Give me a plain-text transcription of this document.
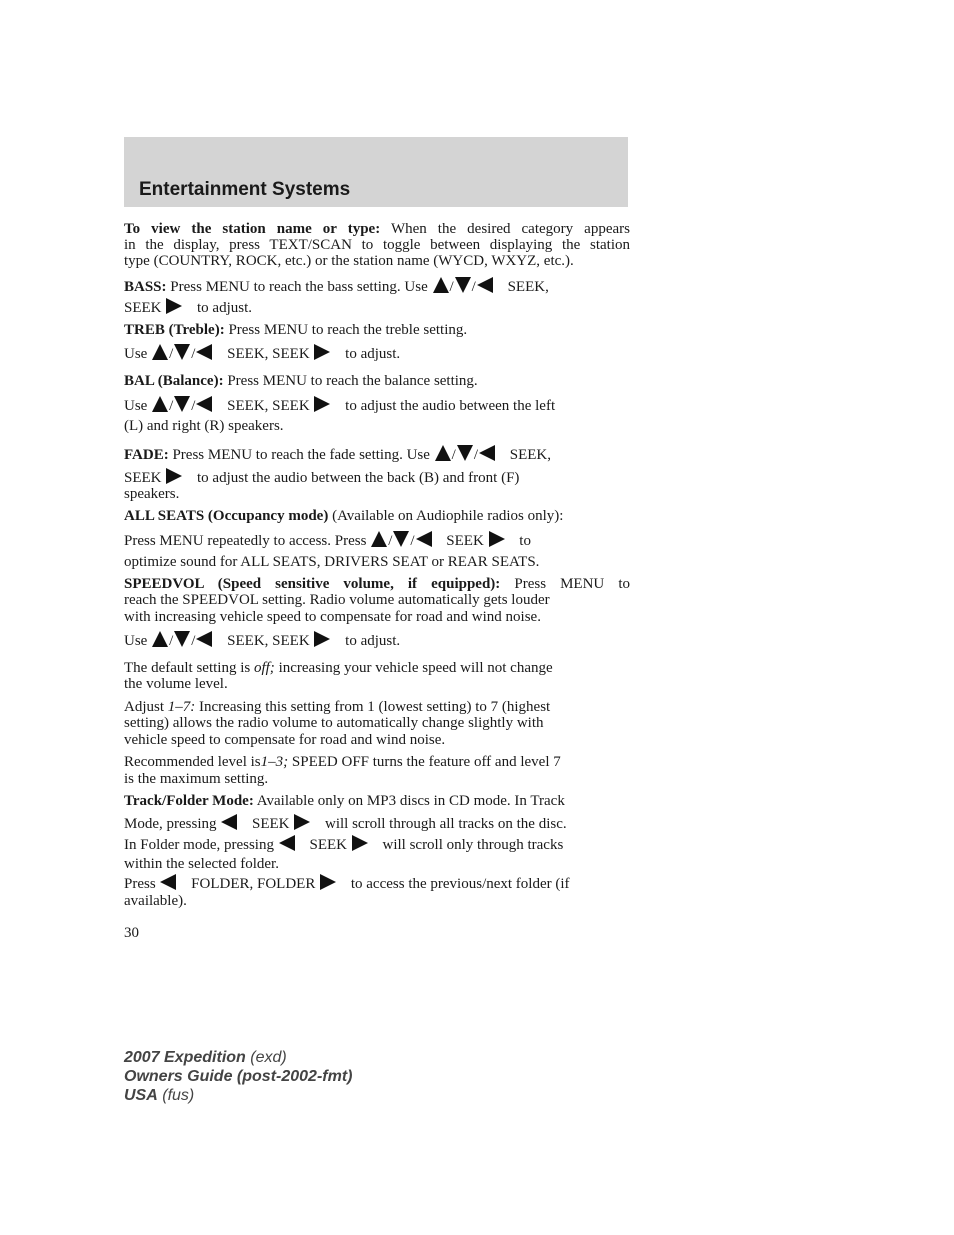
Entertainment Systems
To view the station name or type: When the desired category appears
in the display, press TEXT/SCAN to toggle between displaying the station
type (COUNTRY, ROCK, etc.) or the station name (WYCD, WXYZ, etc.).
BASS: Press MENU to reach the bass setting. Use / / SEEK,
SEEK to adjust.
TREB (Treble): Press MENU to reach the treble setting.
Use / / SEEK, SEEK to adjust.
BAL (Balance): Press MENU to reach the balance setting.
Use / / SEEK, SEEK to adjust the audio between the left
(L) and right (R) speakers.
FADE: Press MENU to reach the fade setting. Use / / SEEK,
SEEK to adjust the audio between the back (B) and front (F)
speakers.
ALL SEATS (Occupancy mode) (Available on Audiophile radios only):
Press MENU repeatedly to access. Press / / SEEK to
optimize sound for ALL SEATS, DRIVERS SEAT or REAR SEATS.
SPEEDVOL (Speed sensitive volume, if equipped): Press MENU to
reach the SPEEDVOL setting. Radio volume automatically gets louder
with increasing vehicle speed to compensate for road and wind noise.
Use / / SEEK, SEEK to adjust.
The default setting is off; increasing your vehicle speed will not change
the volume level.
Adjust 1–7: Increasing this setting from 1 (lowest setting) to 7 (highest
setting) allows the radio volume to automatically change slightly with
vehicle speed to compensate for road and wind noise.
Recommended level is1–3; SPEED OFF turns the feature off and level 7
is the maximum setting.
Track/Folder Mode: Available only on MP3 discs in CD mode. In Track
Mode, pressing SEEK will scroll through all tracks on the disc.
In Folder mode, pressing SEEK will scroll only through tracks
within the selected folder.
Press FOLDER, FOLDER to access the previous/next folder (if
available).
30
2007 Expedition (exd)
Owners Guide (post-2002-fmt)
USA (fus)
